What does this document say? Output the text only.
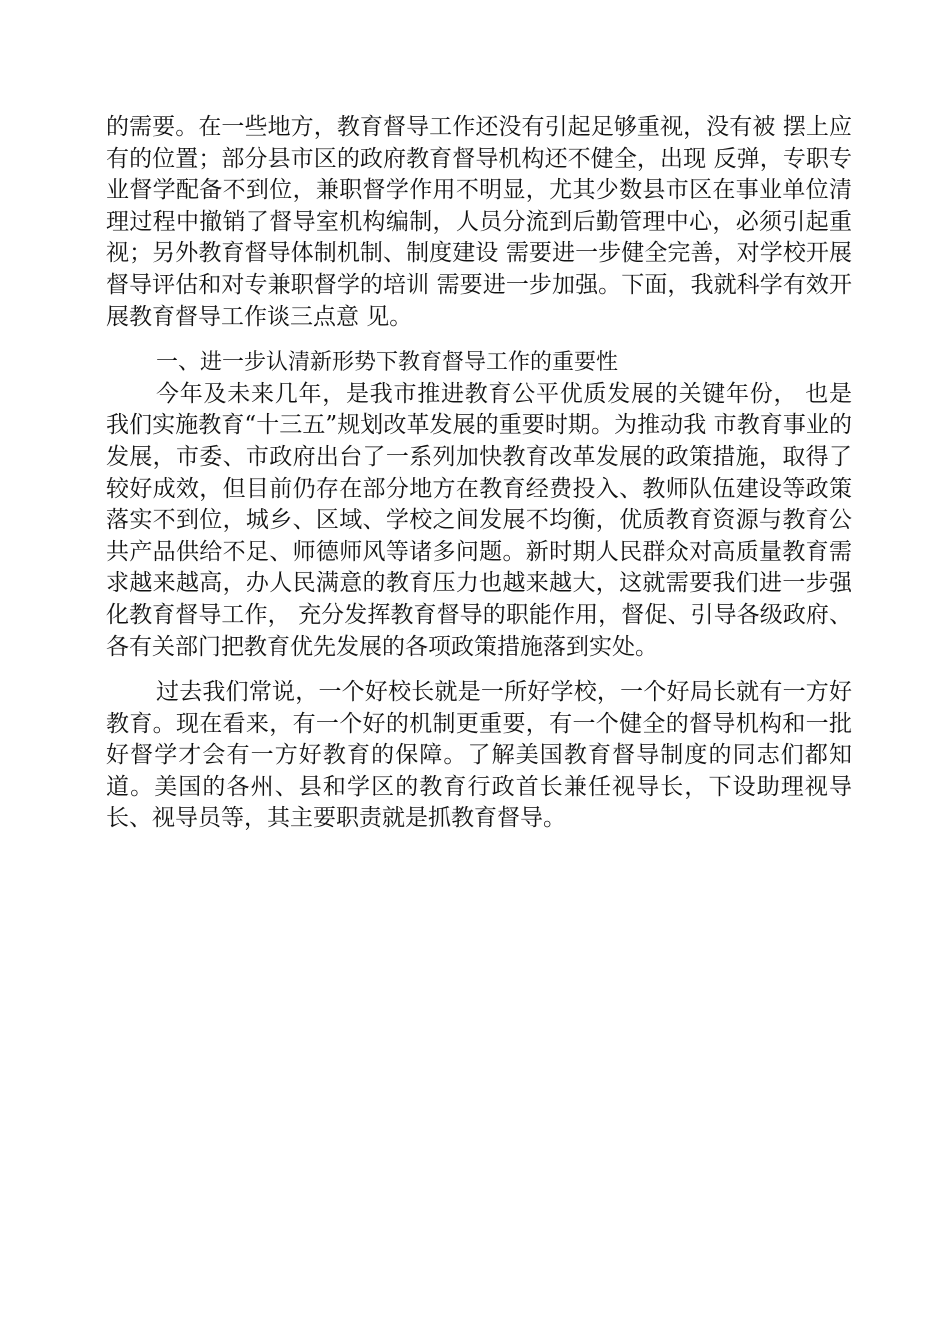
的需要。在一些地方，教育督导工作还没有引起足够重视，没有被 摆上应有的位置；部分县市区的政府教育督导机构还不健全，出现 反弹，专职专业督学配备不到位，兼职督学作用不明显，尤其少数县市区在事业单位清理过程中撤销了督导室机构编制，人员分流到后勤管理中心，必须引起重视；另外教育督导体制机制、制度建设 需要进一步健全完善，对学校开展督导评估和对专兼职督学的培训 需要进一步加强。下面，我就科学有效开展教育督导工作谈三点意 见。

一、进一步认清新形势下教育督导工作的重要性

今年及未来几年，是我市推进教育公平优质发展的关键年份， 也是我们实施教育“十三五”规划改革发展的重要时期。为推动我 市教育事业的发展，市委、市政府出台了一系列加快教育改革发展的政策措施，取得了较好成效，但目前仍存在部分地方在教育经费投入、教师队伍建设等政策落实不到位，城乡、区域、学校之间发展不均衡，优质教育资源与教育公共产品供给不足、师德师风等诸多问题。新时期人民群众对高质量教育需求越来越高，办人民满意的教育压力也越来越大，这就需要我们进一步强化教育督导工作， 充分发挥教育督导的职能作用，督促、引导各级政府、各有关部门把教育优先发展的各项政策措施落到实处。

过去我们常说，一个好校长就是一所好学校，一个好局长就有一方好教育。现在看来，有一个好的机制更重要，有一个健全的督导机构和一批好督学才会有一方好教育的保障。了解美国教育督导制度的同志们都知道。美国的各州、县和学区的教育行政首长兼任视导长，下设助理视导长、视导员等，其主要职责就是抓教育督导。
